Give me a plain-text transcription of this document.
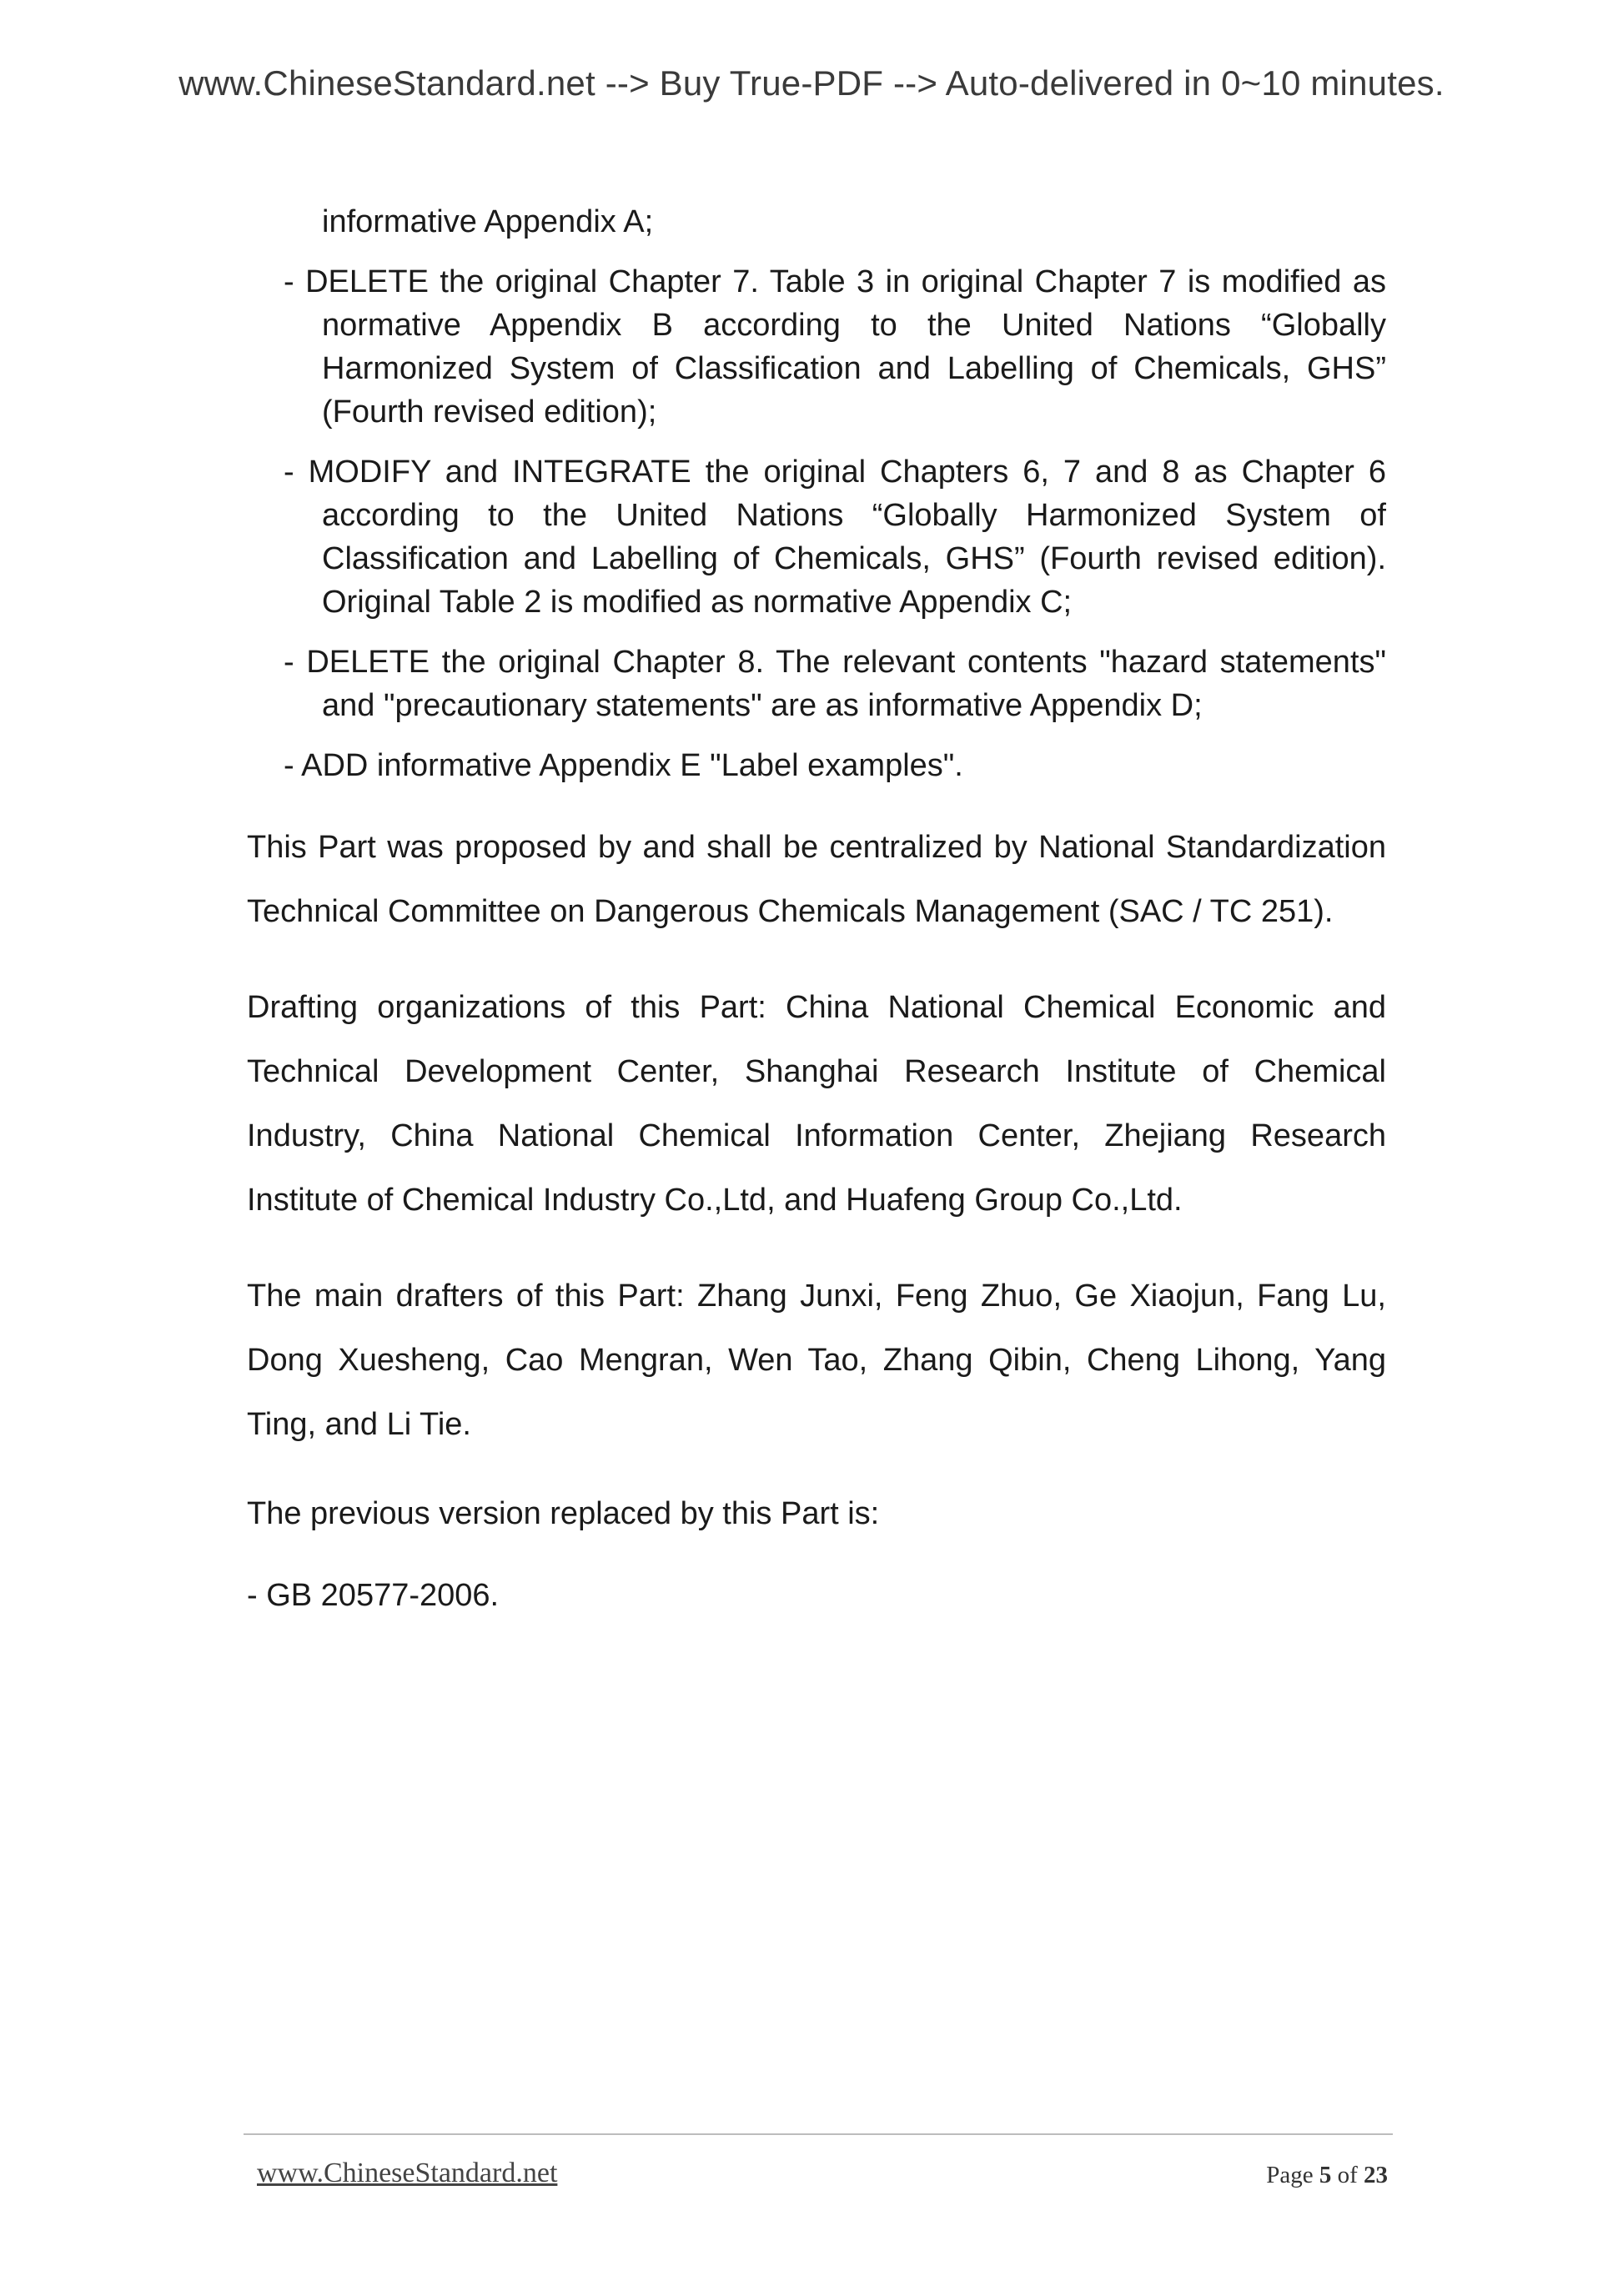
www.ChineseStandard.net --> Buy True-PDF --> Auto-delivered in 0~10 minutes.
informative Appendix A;
- DELETE the original Chapter 7. Table 3 in original Chapter 7 is modified as normative Appendix B according to the United Nations “Globally Harmonized System of Classification and Labelling of Chemicals, GHS” (Fourth revised edition);
- MODIFY and INTEGRATE the original Chapters 6, 7 and 8 as Chapter 6 according to the United Nations “Globally Harmonized System of Classification and Labelling of Chemicals, GHS” (Fourth revised edition). Original Table 2 is modified as normative Appendix C;
- DELETE the original Chapter 8. The relevant contents "hazard statements" and "precautionary statements" are as informative Appendix D;
- ADD informative Appendix E "Label examples".

This Part was proposed by and shall be centralized by National Standardization Technical Committee on Dangerous Chemicals Management (SAC / TC 251).

Drafting organizations of this Part: China National Chemical Economic and Technical Development Center, Shanghai Research Institute of Chemical Industry, China National Chemical Information Center, Zhejiang Research Institute of Chemical Industry Co.,Ltd, and Huafeng Group Co.,Ltd.

The main drafters of this Part: Zhang Junxi, Feng Zhuo, Ge Xiaojun, Fang Lu, Dong Xuesheng, Cao Mengran, Wen Tao, Zhang Qibin, Cheng Lihong, Yang Ting, and Li Tie.

The previous version replaced by this Part is:

- GB 20577-2006.

www.ChineseStandard.net	Page 5 of 23
